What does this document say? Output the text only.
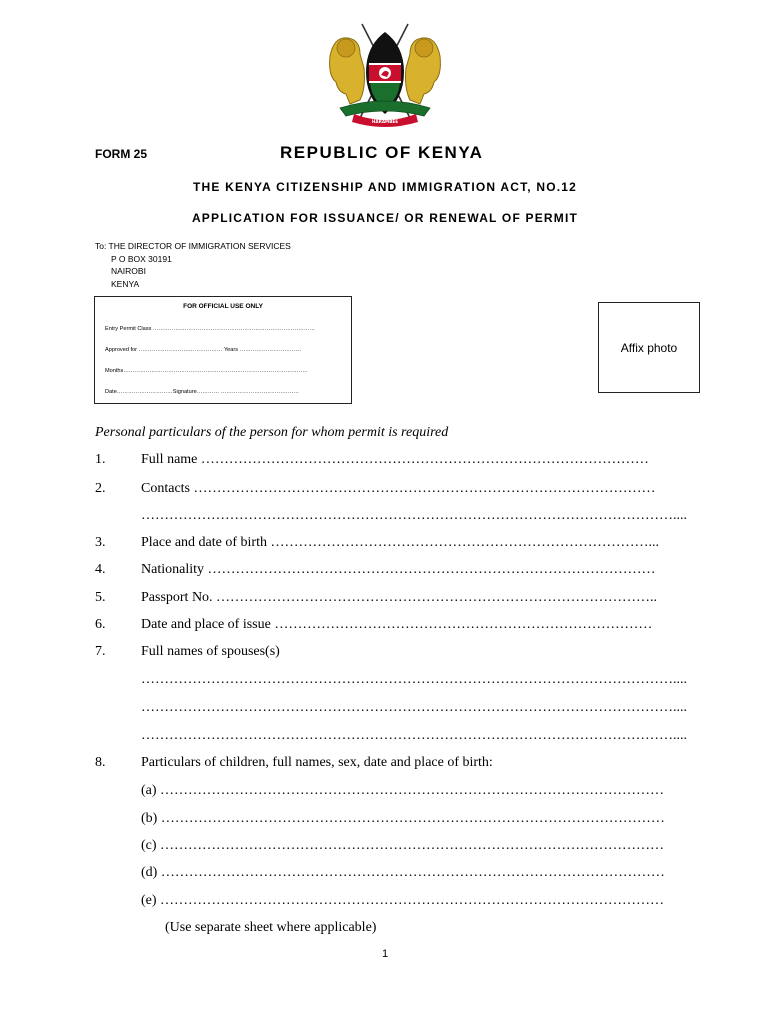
HARAMBEE
FORM 25	REPUBLIC OF KENYA
THE KENYA CITIZENSHIP AND IMMIGRATION ACT, NO.12
APPLICATION FOR ISSUANCE/ OR RENEWAL OF PERMIT
To: THE DIRECTOR OF IMMIGRATION SERVICES
P O BOX 30191
NAIROBI
KENYA
FOR OFFICIAL USE ONLY
Entry Permit Class ……………………………………………………………………………
Approved for ……………………………………… Years ……………………………
Months………………………………………………………………………………………
Date…………………………Signature………… ……………………………………
Affix photo
Personal particulars of the person for whom permit is required
1.	Full name ……………………………………………………………………………………
2.	Contacts ………………………………………………………………………………………
……………………………………………………………………………………………………....
3.	Place and date of birth ………………………………………………………………………...
4.	Nationality ……………………………………………………………………………………
5.	Passport No. …………………………………………………………………………………..
6.	Date and place of issue ………………………………………………………………………
7.	Full names of spouses(s)
……………………………………………………………………………………………………....
……………………………………………………………………………………………………....
……………………………………………………………………………………………………....
8.	Particulars of children, full names, sex, date and place of birth:
(a) ………………………………………………………………………………………………
(b) ………………………………………………………………………………………………
(c) ………………………………………………………………………………………………
(d) ………………………………………………………………………………………………
(e) ………………………………………………………………………………………………
(Use separate sheet where applicable)
1
